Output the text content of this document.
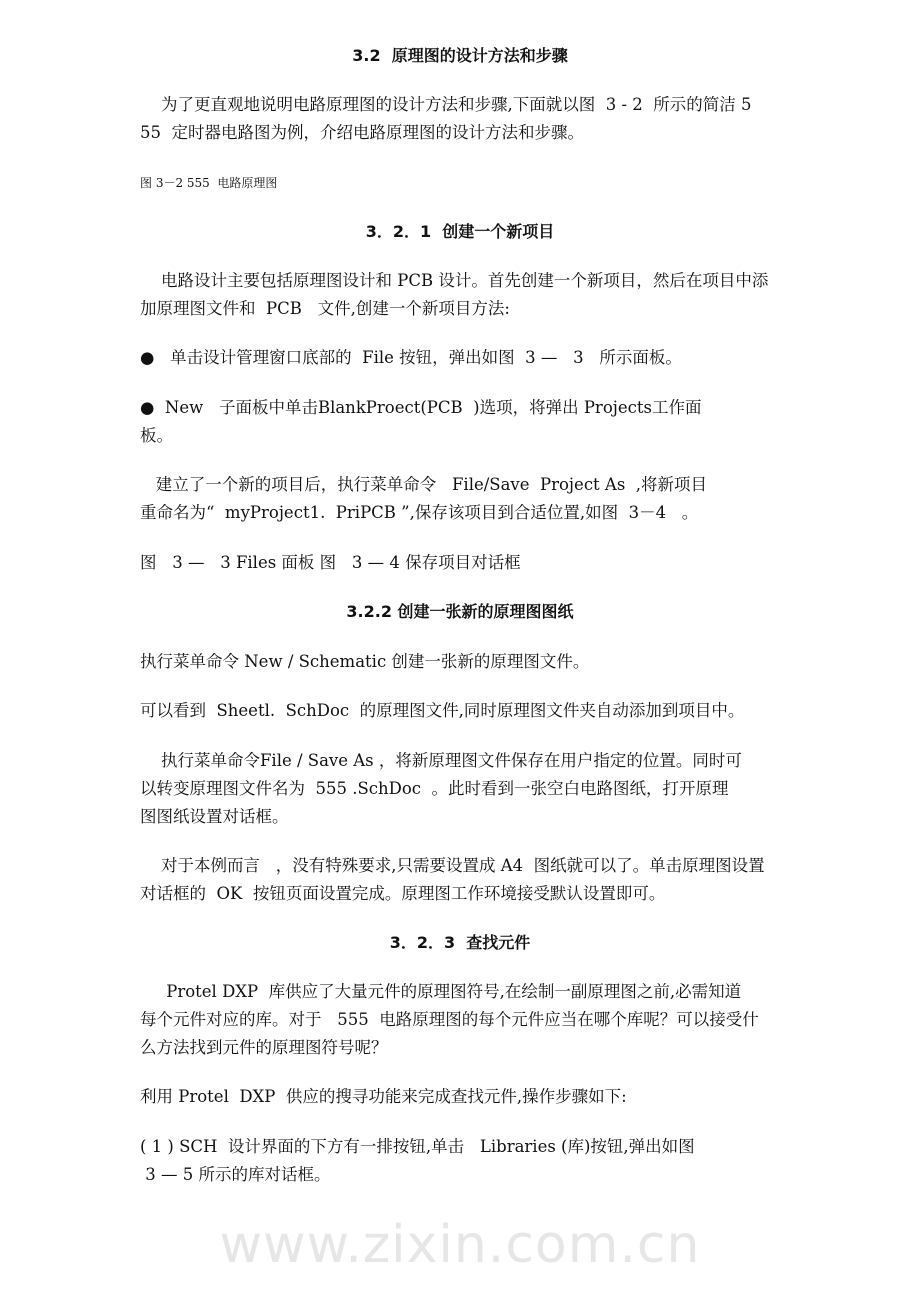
www.zixin.com.cn
3.2  原理图的设计方法和步骤
为了更直观地说明电路原理图的设计方法和步骤,下面就以图  3 - 2  所示的简洁 5
55  定时器电路图为例，介绍电路原理图的设计方法和步骤。
图 3－2 555  电路原理图
3．2．1  创建一个新项目
电路设计主要包括原理图设计和 PCB 设计。首先创建一个新项目，然后在项目中添
加原理图文件和  PCB   文件,创建一个新项目方法:
●   单击设计管理窗口底部的  File 按钮，弹出如图  3 —   3   所示面板。
●  New   子面板中单击BlankProect(PCB  )选项，将弹出 Projects工作面
板。
建立了一个新的项目后，执行菜单命令   File/Save  Project As  ,将新项目
重命名为“  myProject1.  PriPCB ”,保存该项目到合适位置,如图  3－4   。
图   3 —   3 Files 面板 图   3 — 4 保存项目对话框
3.2.2 创建一张新的原理图图纸
执行菜单命令 New / Schematic 创建一张新的原理图文件。
可以看到  Sheetl.  SchDoc  的原理图文件,同时原理图文件夹自动添加到项目中。
执行菜单命令File / Save As ，将新原理图文件保存在用户指定的位置。同时可
以转变原理图文件名为  555 .SchDoc  。此时看到一张空白电路图纸，打开原理
图图纸设置对话框。
对于本例而言   ，没有特殊要求,只需要设置成 A4  图纸就可以了。单击原理图设置
对话框的  OK  按钮页面设置完成。原理图工作环境接受默认设置即可。
3．2．3  查找元件
Protel DXP  库供应了大量元件的原理图符号,在绘制一副原理图之前,必需知道
每个元件对应的库。对于   555  电路原理图的每个元件应当在哪个库呢？可以接受什
么方法找到元件的原理图符号呢？
利用 Protel  DXP  供应的搜寻功能来完成查找元件,操作步骤如下:
( 1 ) SCH  设计界面的下方有一排按钮,单击   Libraries (库)按钮,弹出如图
3 — 5 所示的库对话框。
